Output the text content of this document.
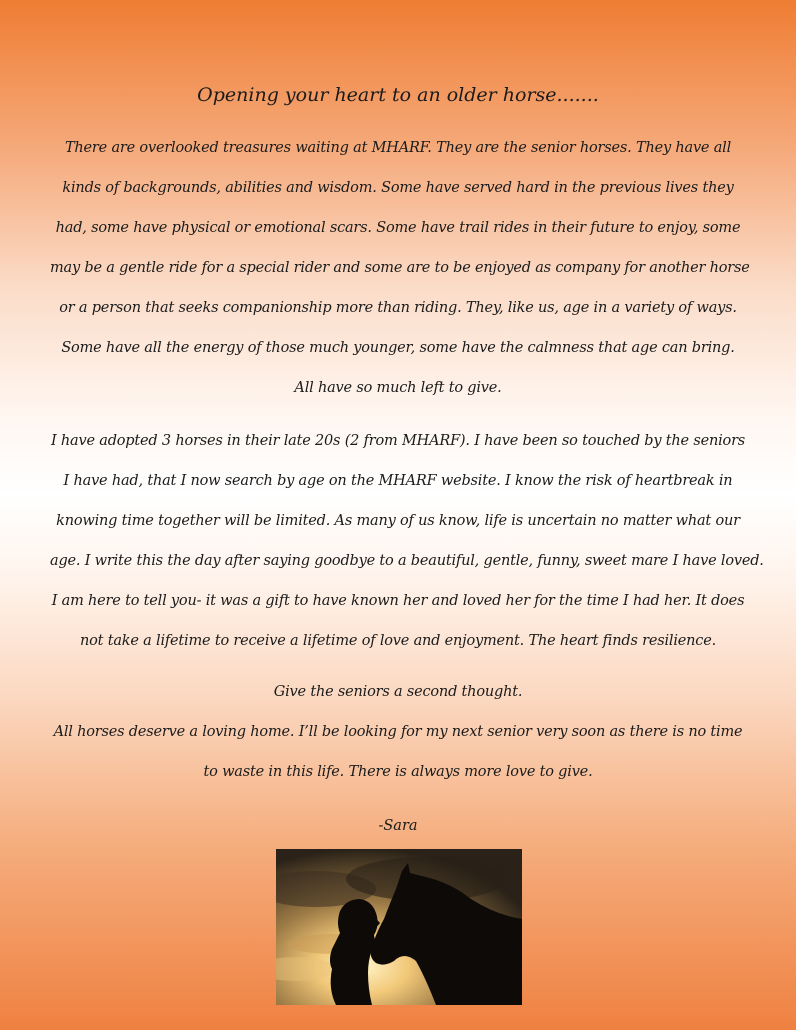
Opening your heart to an older horse.......

There are overlooked treasures waiting at MHARF. They are the senior horses. They have all
kinds of backgrounds, abilities and wisdom. Some have served hard in the previous lives they
had, some have physical or emotional scars. Some have trail rides in their future to enjoy, some
may be a gentle ride for a special rider and some are to be enjoyed as company for another horse
or a person that seeks companionship more than riding. They, like us, age in a variety of ways.
Some have all the energy of those much younger, some have the calmness that age can bring.
All have so much left to give.

I have adopted 3 horses in their late 20s (2 from MHARF). I have been so touched by the seniors
I have had, that I now search by age on the MHARF website. I know the risk of heartbreak in
knowing time together will be limited. As many of us know, life is uncertain no matter what our
age. I write this the day after saying goodbye to a beautiful, gentle, funny, sweet mare I have loved.
I am here to tell you- it was a gift to have known her and loved her for the time I had her. It does
not take a lifetime to receive a lifetime of love and enjoyment. The heart finds resilience.

Give the seniors a second thought.
All horses deserve a loving home. I’ll be looking for my next senior very soon as there is no time
to waste in this life. There is always more love to give.

-Sara
